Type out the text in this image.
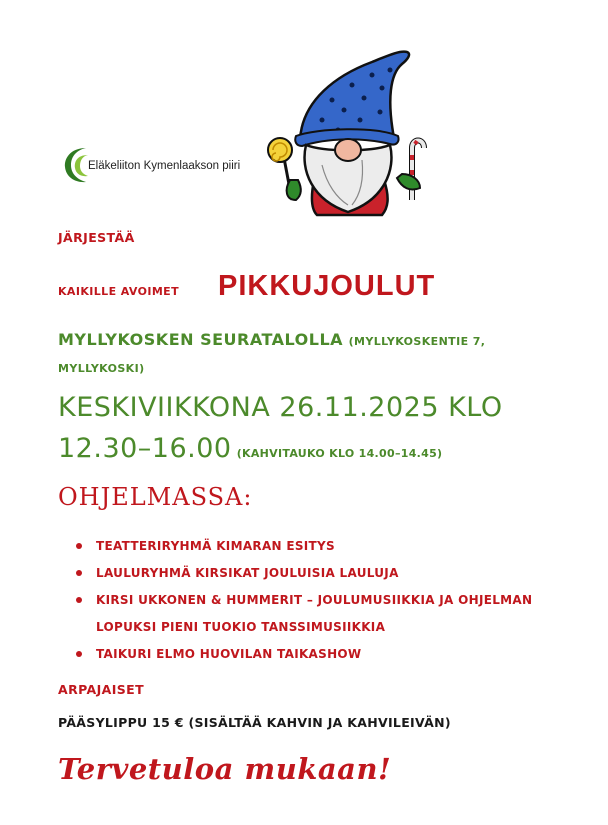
Eläkeliiton Kymenlaakson piiri
JÄRJESTÄÄ
KAIKILLE AVOIMET PIKKUJOULUT
MYLLYKOSKEN SEURATALOLLA (MYLLYKOSKENTIE 7, MYLLYKOSKI)
KESKIVIIKKONA 26.11.2025 KLO
12.30–16.00 (KAHVITAUKO KLO 14.00–14.45)
OHJELMASSA:
TEATTERIRYHMÄ KIMARAN ESITYS
LAULURYHMÄ KIRSIKAT JOULUISIA LAULUJA
KIRSI UKKONEN & HUMMERIT – JOULUMUSIIKKIA JA OHJELMAN LOPUKSI PIENI TUOKIO TANSSIMUSIIKKIA
TAIKURI ELMO HUOVILAN TAIKASHOW
ARPAJAISET
PÄÄSYLIPPU 15 € (SISÄLTÄÄ KAHVIN JA KAHVILEIVÄN)
Tervetuloa mukaan!
